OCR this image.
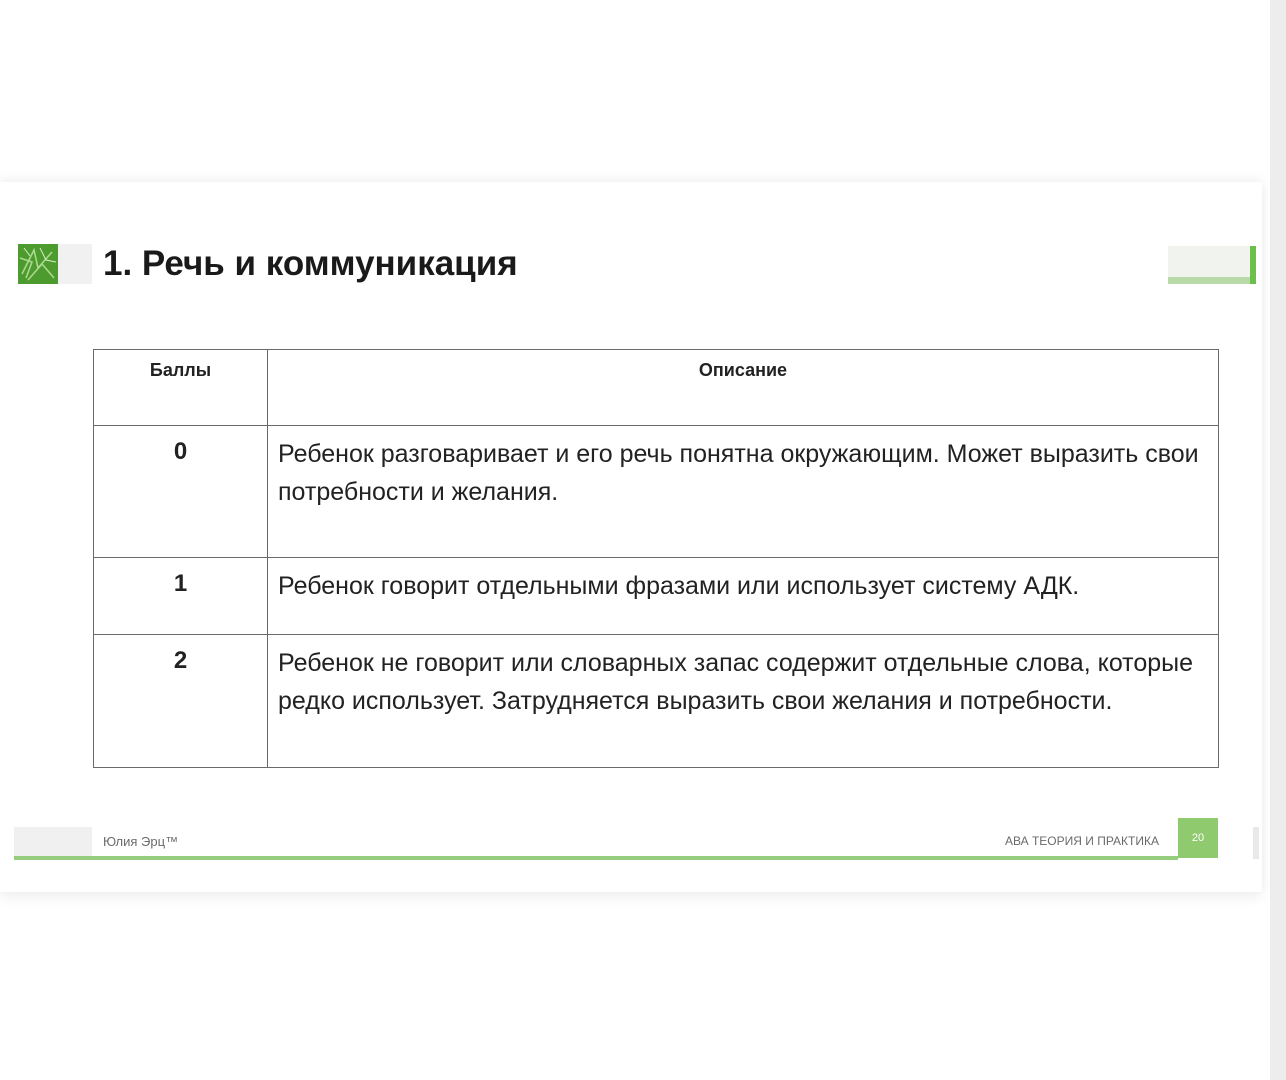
1. Речь и коммуникация
Баллы	Описание
0	Ребенок разговаривает и его речь понятна окружающим. Может выразить свои потребности и желания.
1	Ребенок говорит отдельными фразами или использует систему АДК.
2	Ребенок не говорит или словарных запас содержит отдельные слова, которые редко использует. Затрудняется выразить свои желания и потребности.
Юлия Эрц™	АВА ТЕОРИЯ И ПРАКТИКА	20
